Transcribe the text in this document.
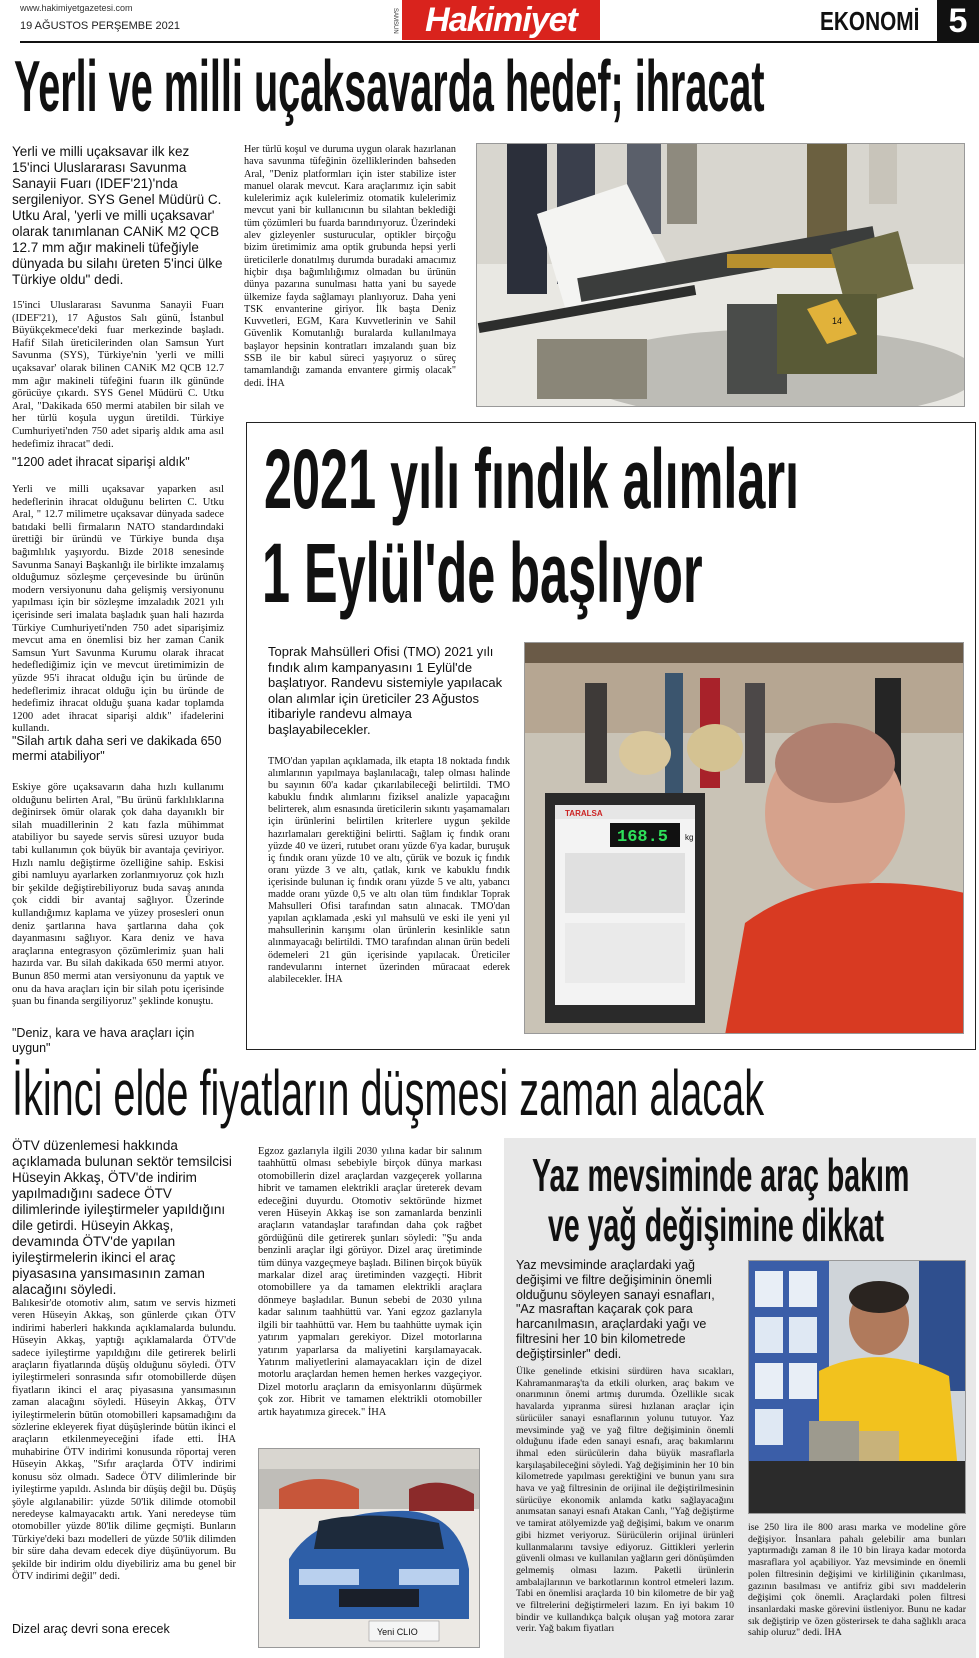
www.hakimiyetgazetesi.com
19 AĞUSTOS PERŞEMBE 2021	SAMSUN Hakimiyet	EKONOMİ 5
Yerli ve milli uçaksavarda hedef; ihracat
Yerli ve milli uçaksavar ilk kez 15'inci Uluslararası Savunma Sanayii Fuarı (IDEF'21)'nda sergileniyor. SYS Genel Müdürü C. Utku Aral, 'yerli ve milli uçaksavar' olarak tanımlanan CANiK M2 QCB 12.7 mm ağır makineli tüfeğiyle dünyada bu silahı üreten 5'inci ülke Türkiye oldu" dedi.
15'inci Uluslararası Savunma Sanayii Fuarı (IDEF'21), 17 Ağustos Salı günü, İstanbul Büyükçekmece'deki fuar merkezinde başladı. Hafif Silah üreticilerinden olan Samsun Yurt Savunma (SYS), Türkiye'nin 'yerli ve milli uçaksavar' olarak bilinen CANiK M2 QCB 12.7 mm ağır makineli tüfeğini fuarın ilk gününde görücüye çıkardı. SYS Genel Müdürü C. Utku Aral, "Dakikada 650 mermi atabilen bir silah ve her türlü koşula uygun üretildi. Türkiye Cumhuriyeti'nden 750 adet sipariş aldık ama asıl hedefimiz ihracat" dedi.
"1200 adet ihracat siparişi aldık"
Yerli ve milli uçaksavar yaparken asıl hedeflerinin ihracat olduğunu belirten C. Utku Aral, " 12.7 milimetre uçaksavar dünyada sadece batıdaki belli firmaların NATO standardındaki ürettiği bir üründü ve Türkiye bunda dışa bağımlılık yaşıyordu. Bizde 2018 senesinde Savunma Sanayi Başkanlığı ile birlikte imzalamış olduğumuz sözleşme çerçevesinde bu ürünün modern versiyonunu daha gelişmiş versiyonunu yapılması için bir sözleşme imzaladık 2021 yılı içerisinde seri imalata başladık şuan hali hazırda Türkiye Cumhuriyeti'nden 750 adet siparişimiz mevcut ama en önemlisi biz her zaman Canik Samsun Yurt Savunma Kurumu olarak ihracat hedeflediğimiz için ve mevcut üretimimizin de yüzde 95'i ihracat olduğu için bu üründe de hedeflerimiz ihracat olduğu için bu üründe de hedefimiz ihracat olduğu şuana kadar toplamda 1200 adet ihracat siparişi aldık" ifadelerini kullandı.
"Silah artık daha seri ve dakikada 650 mermi atabiliyor"
Eskiye göre uçaksavarın daha hızlı kullanımı olduğunu belirten Aral, "Bu ürünü farklılıklarına değinirsek ömür olarak çok daha dayanıklı bir silah muadillerinin 2 katı fazla mühimmat atabiliyor bu sayede servis süresi uzuyor buda tabi kullanımın çok büyük bir avantaja çeviriyor. Hızlı namlu değiştirme özelliğine sahip. Eskisi gibi namluyu ayarlarken zorlanmıyoruz çok hızlı bir şekilde değiştirebiliyoruz buda savaş anında çok ciddi bir avantaj sağlıyor. Üzerinde kullandığımız kaplama ve yüzey prosesleri onun deniz şartlarına hava şartlarına daha çok dayanmasını sağlıyor. Kara deniz ve hava araçlarına entegrasyon çözümlerimiz şuan hali hazırda var. Bu silah dakikada 650 mermi atıyor. Bunun 850 mermi atan versiyonunu da yaptık ve onu da hava araçları için bir silah potu içerisinde şuan bu finanda sergiliyoruz" şeklinde konuştu.
"Deniz, kara ve hava araçları için uygun"
Her türlü koşul ve duruma uygun olarak hazırlanan hava savunma tüfeğinin özelliklerinden bahseden Aral, "Deniz platformları için ister stabilize ister manuel olarak mevcut. Kara araçlarımız için sabit kulelerimiz açık kulelerimiz otomatik kulelerimiz mevcut yani bir kullanıcının bu silahtan beklediği tüm çözümleri bu fuarda barındırıyoruz. Üzerindeki alev gizleyenler susturucular, optikler birçoğu bizim üretimimiz ama optik grubunda hepsi yerli üreticilerle donatılmış durumda buradaki amacımız hiçbir dışa bağımlılığımız olmadan bu ürünün dünya pazarına sunulması hatta yani bu sayede ülkemize fayda sağlamayı planlıyoruz. Daha yeni TSK envanterine giriyor. İlk başta Deniz Kuvvetleri, EGM, Kara Kuvvetlerinin ve Sahil Güvenlik Komutanlığı buralarda kullanılmaya başlayor hepsinin kontratları imzalandı şuan biz SSB ile bir kabul süreci yaşıyoruz o süreç tamamlandığı zamanda envantere girmiş olacak" dedi. İHA
14
2021 yılı fındık alımları
1 Eylül'de başlıyor
Toprak Mahsülleri Ofisi (TMO) 2021 yılı fındık alım kampanyasını 1 Eylül'de başlatıyor. Randevu sistemiyle yapılacak olan alımlar için üreticiler 23 Ağustos itibariyle randevu almaya başlayabilecekler.
TMO'dan yapılan açıklamada, ilk etapta 18 noktada fındık alımlarının yapılmaya başlanılacağı, talep olması halinde bu sayının 60'a kadar çıkarılabileceği belirtildi. TMO kabuklu fındık alımlarını fiziksel analizle yapacağını belirterek, alım esnasında üreticilerin sıkıntı yaşamamaları için ürünlerini belirtilen kriterlere uygun şekilde hazırlamaları gerektiğini belirtti. Sağlam iç fındık oranı yüzde 40 ve üzeri, rutubet oranı yüzde 6'ya kadar, buruşuk iç fındık oranı yüzde 10 ve altı, çürük ve bozuk iç fındık oranı yüzde 3 ve altı, çatlak, kırık ve kabuklu fındık içerisinde bulunan iç fındık oranı yüzde 5 ve altı, yabancı madde oranı yüzde 0,5 ve altı olan tüm fındıklar Toprak Mahsulleri Ofisi tarafından satın alınacak. TMO'dan yapılan açıklamada ,eski yıl mahsulü ve eski ile yeni yıl mahsullerinin karışımı olan ürünlerin kesinlikle satın alınmayacağı belirtildi. TMO tarafından alınan ürün bedeli ödemeleri 21 gün içerisinde yapılacak. Üreticiler randevularını internet üzerinden müracaat ederek alabilecekler. İHA
TARALSA
168.5 kg
İkinci elde fiyatların düşmesi zaman alacak
ÖTV düzenlemesi hakkında açıklamada bulunan sektör temsilcisi Hüseyin Akkaş, ÖTV'de indirim yapılmadığını sadece ÖTV dilimlerinde iyileştirmeler yapıldığını dile getirdi. Hüseyin Akkaş, devamında ÖTV'de yapılan iyileştirmelerin ikinci el araç piyasasına yansımasının zaman alacağını söyledi.
Balıkesir'de otomotiv alım, satım ve servis hizmeti veren Hüseyin Akkaş, son günlerde çıkan ÖTV indirimi haberleri hakkında açıklamalarda bulundu. Hüseyin Akkaş, yaptığı açıklamalarda ÖTV'de sadece iyileştirme yapıldığını dile getirerek belirli araçların fiyatlarında düşüş olduğunu söyledi. ÖTV iyileştirmeleri sonrasında sıfır otomobillerde düşen fiyatların ikinci el araç piyasasına yansımasının zaman alacağını söyledi. Hüseyin Akkaş, ÖTV iyileştirmelerin bütün otomobilleri kapsamadığını da sözlerine ekleyerek fiyat düşüşlerinde bütün ikinci el araçların etkilenmeyeceğini ifade etti. İHA muhabirine ÖTV indirimi konusunda röportaj veren Hüseyin Akkaş, "Sıfır araçlarda ÖTV indirimi konusu söz olmadı. Sadece ÖTV dilimlerinde bir iyileştirme yapıldı. Aslında bir düşüş değil bu. Düşüş şöyle algılanabilir: yüzde 50'lik dilimde otomobil neredeyse kalmayacaktı artık. Yani neredeyse tüm otomobiller yüzde 80'lik dilime geçmişti. Bunların Türkiye'deki bazı modelleri de yüzde 50'lik dilimden bir süre daha devam edecek diye düşünüyorum. Bu şekilde bir indirim oldu diyebiliriz ama bu genel bir ÖTV indirimi değil" dedi.
Dizel araç devri sona erecek
Egzoz gazlarıyla ilgili 2030 yılına kadar bir salınım taahhüttü olması sebebiyle birçok dünya markası otomobillerin dizel araçlardan vazgeçerek yollarına hibrit ve tamamen elektrikli araçlar üreterek devam edeceğini duyurdu. Otomotiv sektöründe hizmet veren Hüseyin Akkaş ise son zamanlarda benzinli araçların vatandaşlar tarafından daha çok rağbet gördüğünü dile getirerek şunları söyledi: "Şu anda benzinli araçlar ilgi görüyor. Dizel araç üretiminde tüm dünya vazgeçmeye başladı. Bilinen birçok büyük markalar dizel araç üretiminden vazgeçti. Hibrit otomobillere ya da tamamen elektrikli araçlara dönmeye başladılar. Bunun sebebi de 2030 yılına kadar salınım taahhüttü var. Yani egzoz gazlarıyla ilgili bir taahhüttü var. Hem bu taahhütte uymak için yatırım yapmaları gerekiyor. Dizel motorlarına yatırım yaparlarsa da maliyetini karşılamayacak. Yatırım maliyetlerini alamayacakları için de dizel motorlu araçlardan hemen hemen herkes vazgeçiyor. Dizel motorlu araçların da emisyonlarını düşürmek çok zor. Hibrit ve tamamen elektrikli otomobiller artık hayatımıza girecek." İHA
Yeni CLIO
Yaz mevsiminde araç bakım
ve yağ değişimine dikkat
Yaz mevsiminde araçlardaki yağ değişimi ve filtre değişiminin önemli olduğunu söyleyen sanayi esnafları, "Az masraftan kaçarak çok para harcanılmasın, araçlardaki yağı ve filtresini her 10 bin kilometrede değiştirsinler" dedi.
Ülke genelinde etkisini sürdüren hava sıcakları, Kahramanmaraş'ta da etkili olurken, araç bakım ve onarımının önemi artmış durumda. Özellikle sıcak havalarda yıpranma süresi hızlanan araçlar için sürücüler sanayi esnaflarının yolunu tutuyor. Yaz mevsiminde yağ ve yağ filtre değişiminin önemli olduğunu ifade eden sanayi esnafı, araç bakımlarını ihmal eden sürücülerin daha büyük masraflarla karşılaşabileceğini söyledi. Yağ değişiminin her 10 bin kilometrede yapılması gerektiğini ve bunun yanı sıra hava ve yağ filtresinin de orijinal ile değiştirilmesinin sürücüye ekonomik anlamda katkı sağlayacağını anımsatan sanayi esnafı Atakan Canlı, "Yağ değiştirme ve tamirat atölyemizde yağ değişimi, bakım ve onarım gibi hizmet veriyoruz. Sürücülerin orijinal ürünleri kullanmalarını tavsiye ediyoruz. Gittikleri yerlerin güvenli olması ve kullanılan yağların geri dönüşümden gelmemiş olması lazım. Paketli ürünlerin ambalajlarının ve barkotlarının kontrol etmeleri lazım. Tabi en önemlisi araçlarda 10 bin kilometre de bir yağ ve filtrelerini değiştirmeleri lazım. En iyi bakım 10 bindir ve kullandıkça balçık oluşan yağ motora zarar verir. Yağ bakım fiyatları
ise 250 lira ile 800 arası marka ve modeline göre değişiyor. İnsanlara pahalı gelebilir ama bunları yaptırmadığı zaman 8 ile 10 bin liraya kadar motorda masraflara yol açabiliyor. Yaz mevsiminde en önemli polen filtresinin değişimi ve kirliliğinin çıkarılması, gazının basılması ve antifriz gibi sıvı maddelerin değişimi çok önemli. Araçlardaki polen filtresi insanlardaki maske görevini üstleniyor. Bunu ne kadar sık değiştirip ve özen gösterirsek te daha sağlıklı araca sahip oluruz" dedi. İHA
